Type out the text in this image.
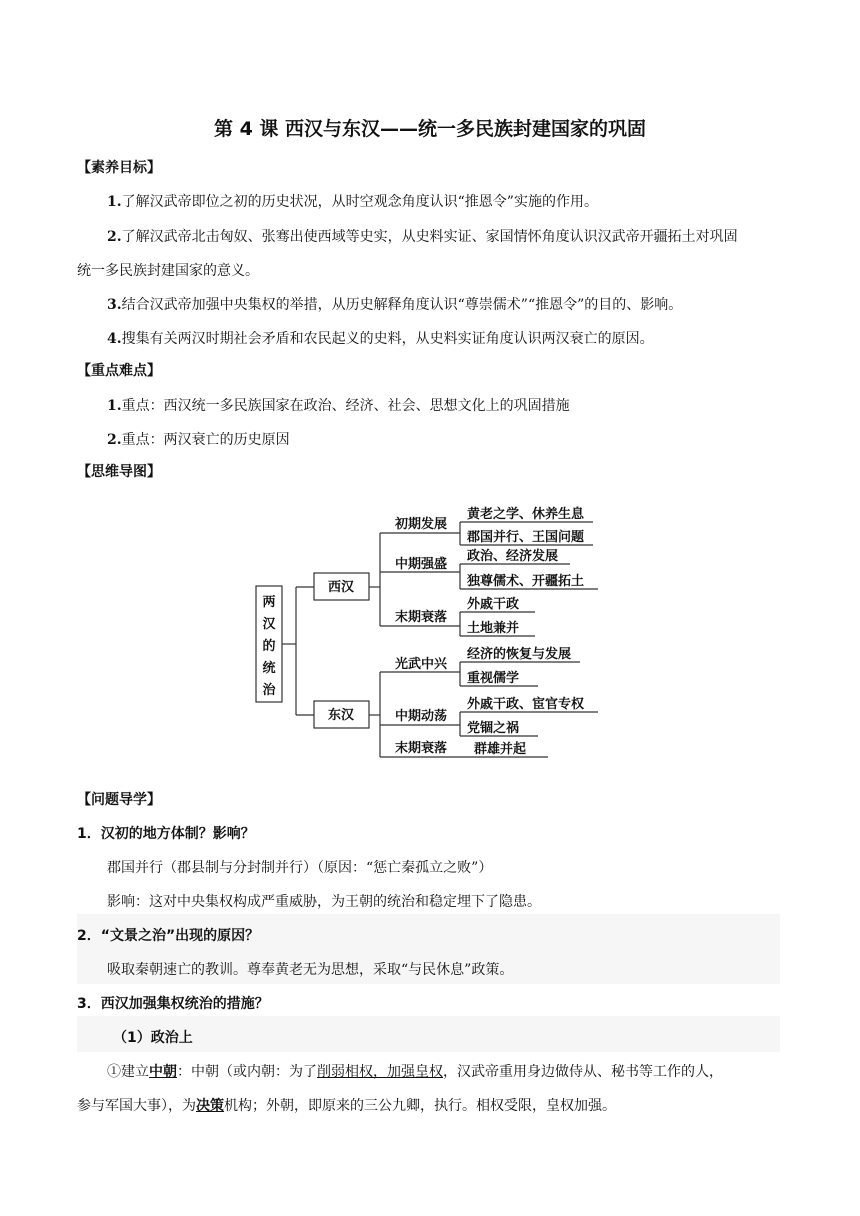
第 4 课 西汉与东汉——统一多民族封建国家的巩固
【素养目标】
1.了解汉武帝即位之初的历史状况，从时空观念角度认识“推恩令”实施的作用。
2.了解汉武帝北击匈奴、张骞出使西域等史实，从史料实证、家国情怀角度认识汉武帝开疆拓土对巩固
统一多民族封建国家的意义。
3.结合汉武帝加强中央集权的举措，从历史解释角度认识“尊崇儒术”“推恩令”的目的、影响。
4.搜集有关两汉时期社会矛盾和农民起义的史料，从史料实证角度认识两汉衰亡的原因。
【重点难点】
1.重点：西汉统一多民族国家在政治、经济、社会、思想文化上的巩固措施
2.重点：两汉衰亡的历史原因
【思维导图】
两
汉
的
统
治
西汉
东汉
初期发展
中期强盛
末期衰落
光武中兴
中期动荡
末期衰落
黄老之学、休养生息
郡国并行、王国问题
政治、经济发展
独尊儒术、开疆拓土
外戚干政
土地兼并
经济的恢复与发展
重视儒学
外戚干政、宦官专权
党锢之祸
群雄并起
【问题导学】
1．汉初的地方体制？影响？
郡国并行（郡县制与分封制并行）（原因：“惩亡秦孤立之败”）
影响：这对中央集权构成严重威胁，为王朝的统治和稳定埋下了隐患。
2．“文景之治”出现的原因？
吸取秦朝速亡的教训。尊奉黄老无为思想，采取“与民休息”政策。
3．西汉加强集权统治的措施？
（1）政治上
①建立中朝：中朝（或内朝：为了削弱相权，加强皇权，汉武帝重用身边做侍从、秘书等工作的人，
参与军国大事），为决策机构；外朝，即原来的三公九卿，执行。相权受限，皇权加强。
